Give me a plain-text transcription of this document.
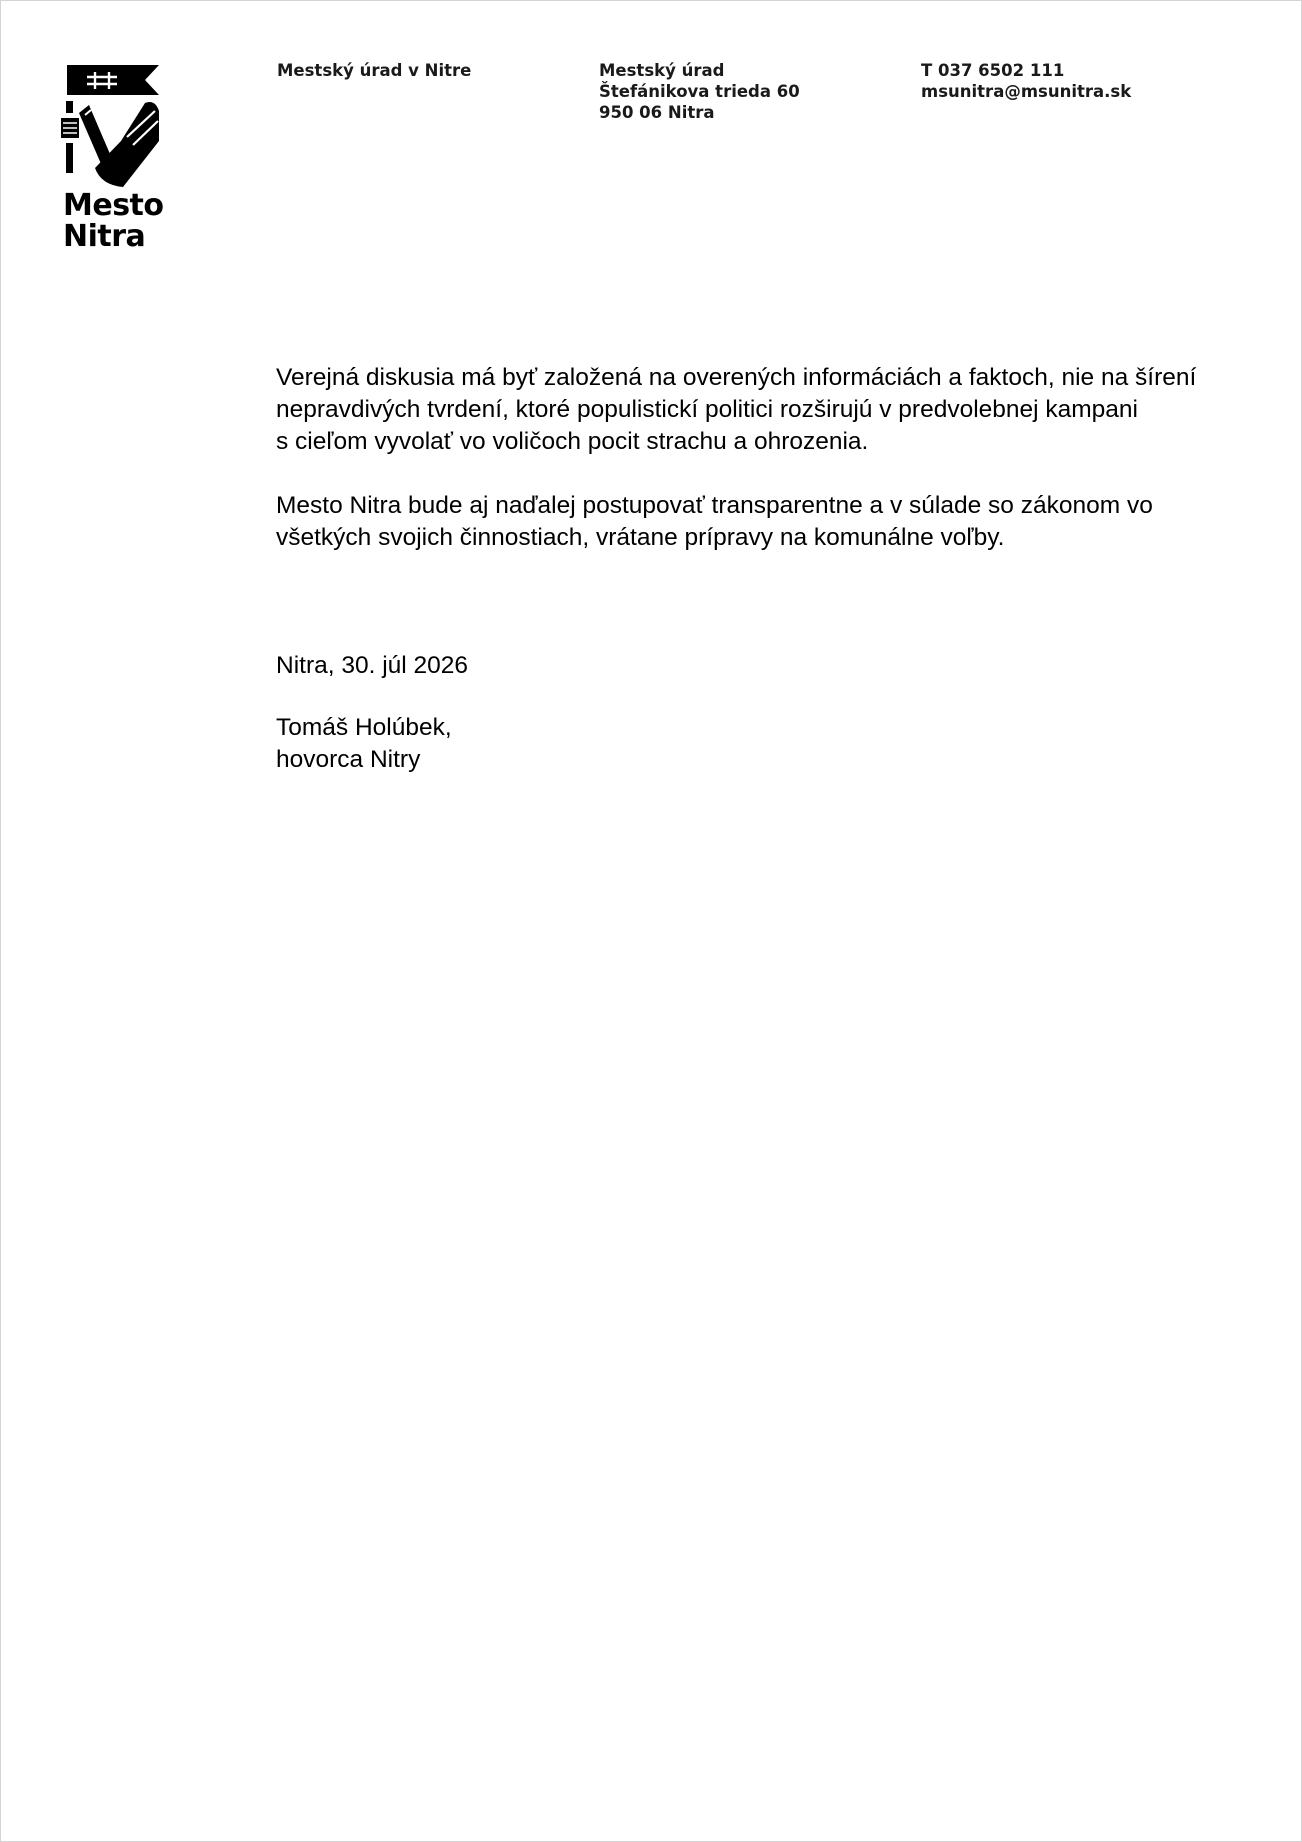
Mesto
Nitra
Mestský úrad v Nitre	Mestský úrad
Štefánikova trieda 60
950 06 Nitra
T 037 6502 111
msunitra@msunitra.sk

Verejná diskusia má byť založená na overených informáciách a faktoch, nie na šírení
nepravdivých tvrdení, ktoré populistickí politici rozširujú v predvolebnej kampani
s cieľom vyvolať vo voličoch pocit strachu a ohrozenia.

Mesto Nitra bude aj naďalej postupovať transparentne a v súlade so zákonom vo
všetkých svojich činnostiach, vrátane prípravy na komunálne voľby.

Nitra, 30. júl 2026

Tomáš Holúbek,
hovorca Nitry
